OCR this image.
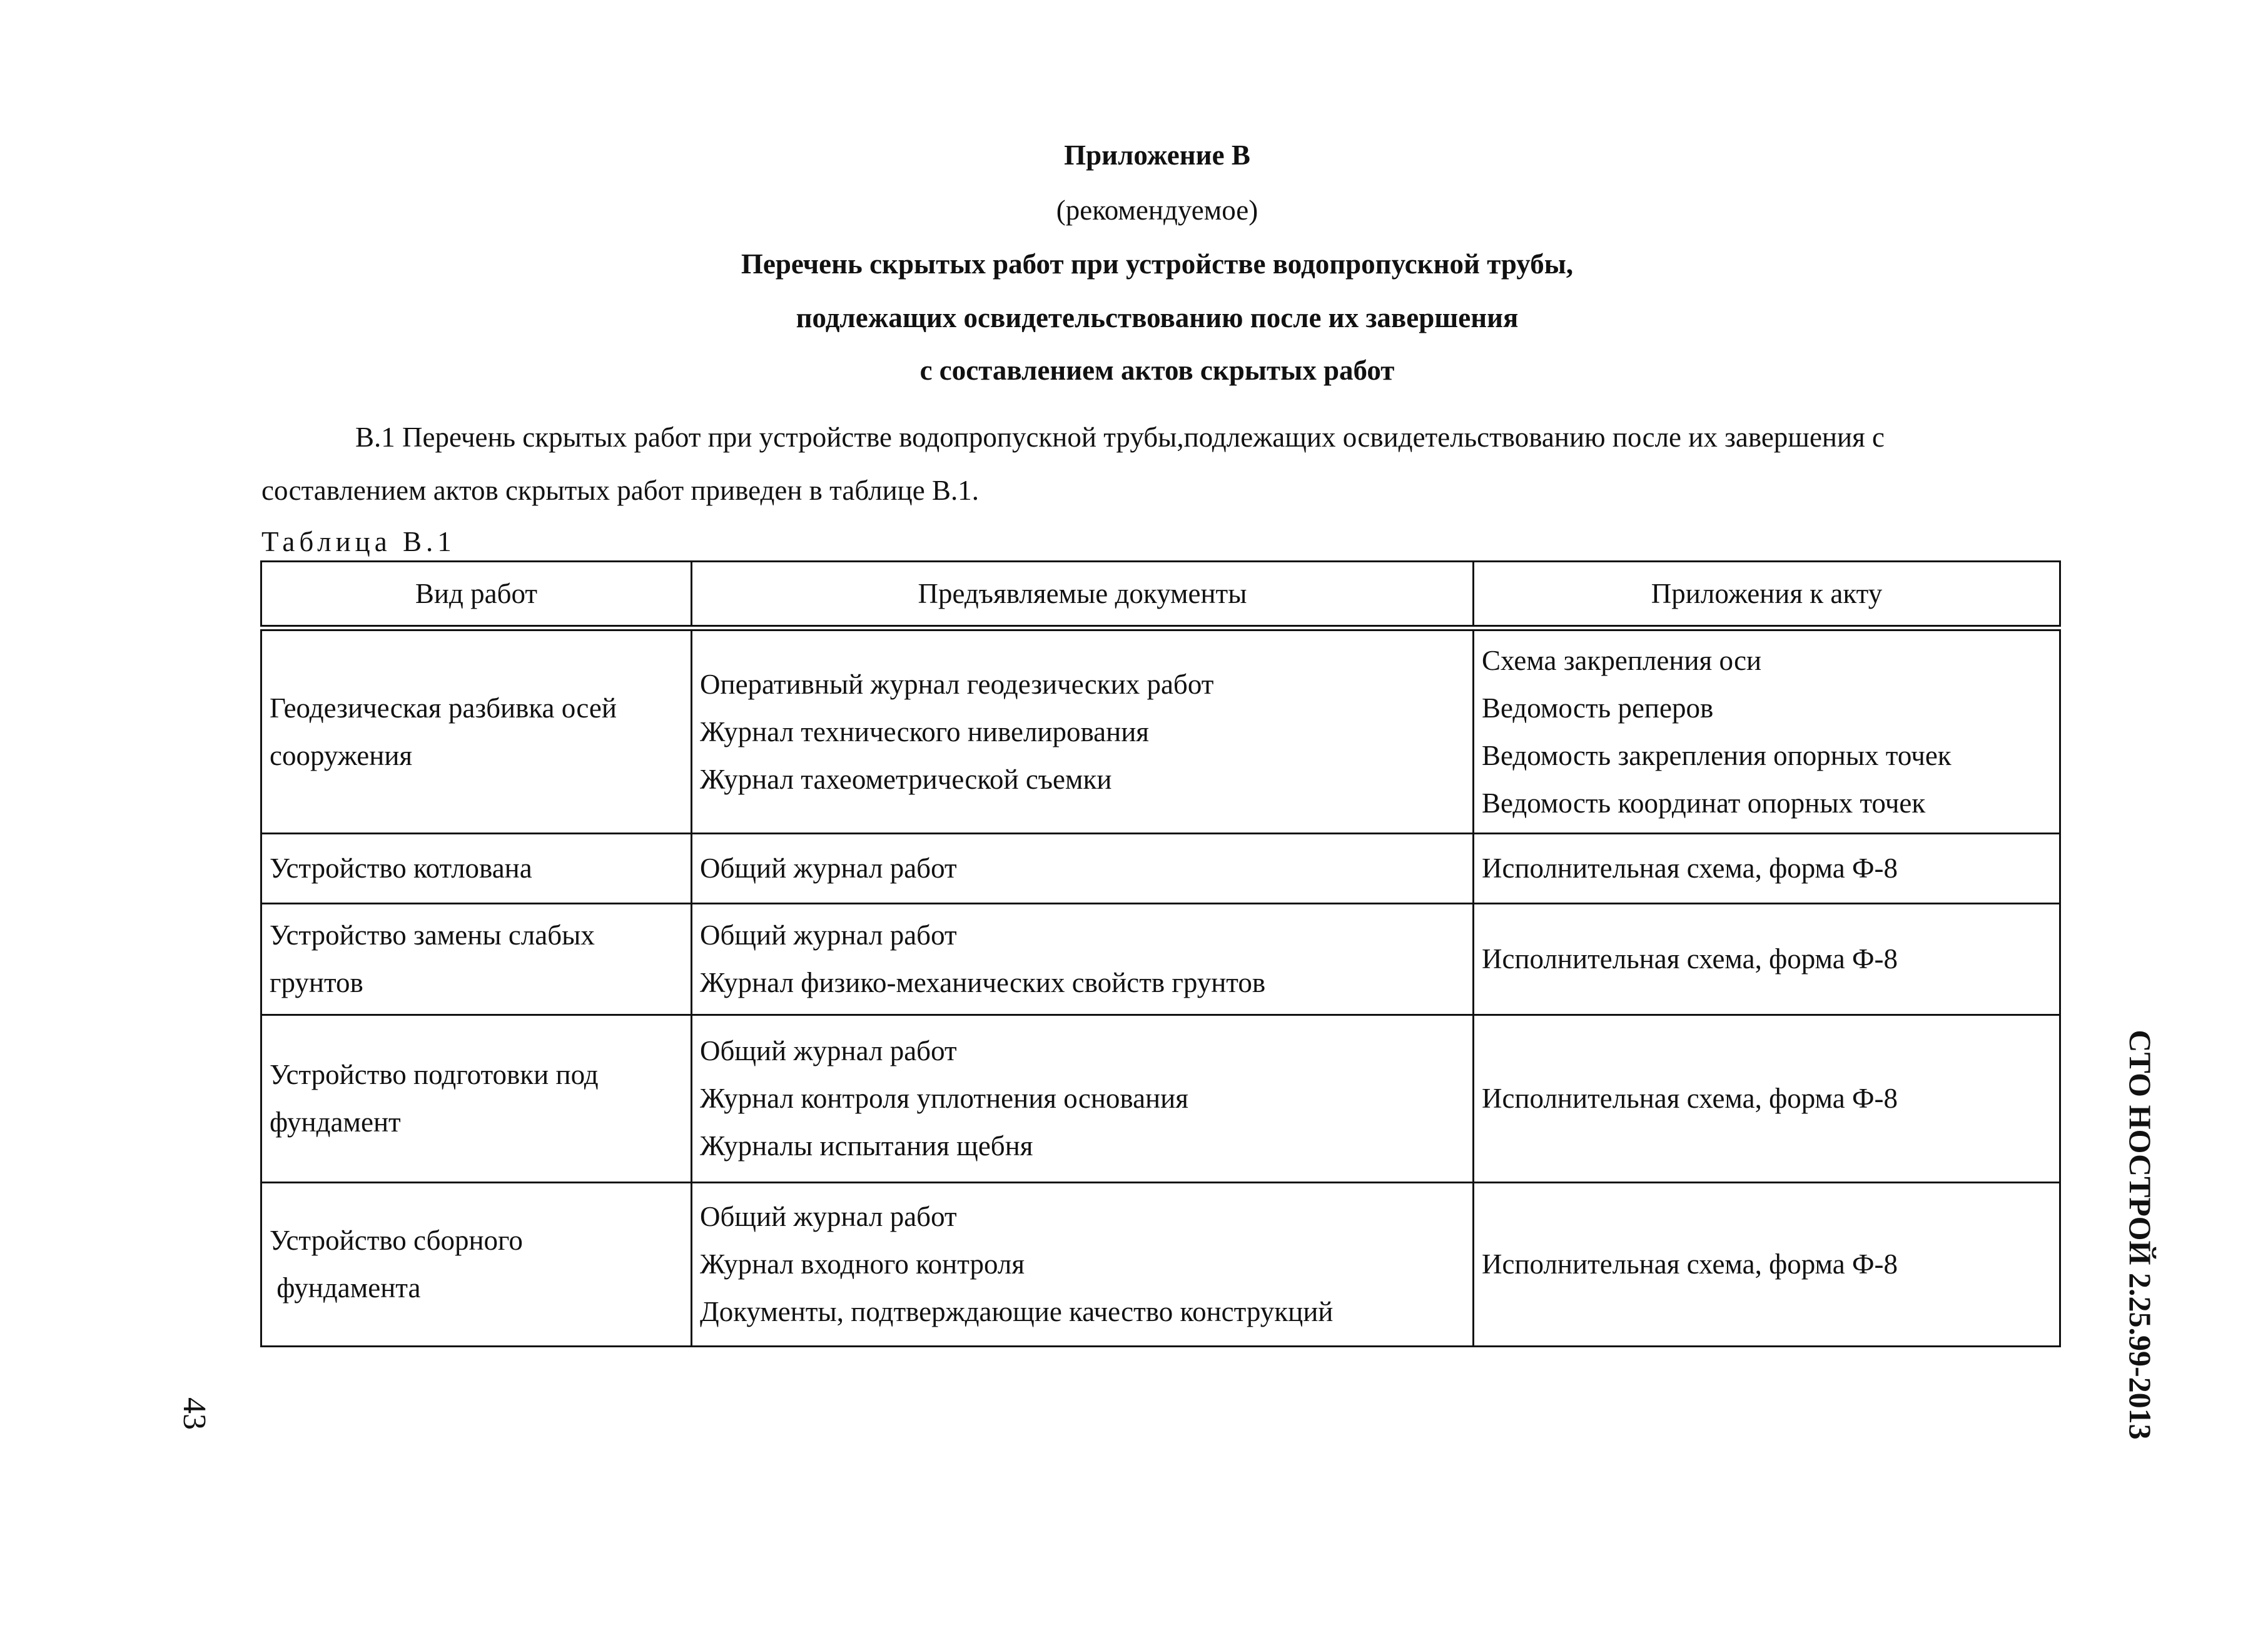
Приложение В
(рекомендуемое)
Перечень скрытых работ при устройстве водопропускной трубы,
подлежащих освидетельствованию после их завершения
с составлением актов скрытых работ
В.1 Перечень скрытых работ при устройстве водопропускной трубы,подлежащих освидетельствованию после их завершения с
составлением актов скрытых работ приведен в таблице В.1.
Таблица В.1
Вид работ	Предъявляемые документы	Приложения к акту

Геодезическая разбивка осей
сооружения	Оперативный журнал геодезических работ
Журнал технического нивелирования
Журнал тахеометрической съемки	Схема закрепления оси
Ведомость реперов
Ведомость закрепления опорных точек
Ведомость координат опорных точек

Устройство котлована	Общий журнал работ	Исполнительная схема, форма Ф-8

Устройство замены слабых
грунтов	Общий журнал работ
Журнал физико-механических свойств грунтов	Исполнительная схема, форма Ф-8

Устройство подготовки под
фундамент	Общий журнал работ
Журнал контроля уплотнения основания
Журналы испытания щебня	Исполнительная схема, форма Ф-8

Устройство сборного
фундамента	Общий журнал работ
Журнал входного контроля
Документы, подтверждающие качество конструкций	Исполнительная схема, форма Ф-8
43	СТО НОСТРОЙ 2.25.99-2013
